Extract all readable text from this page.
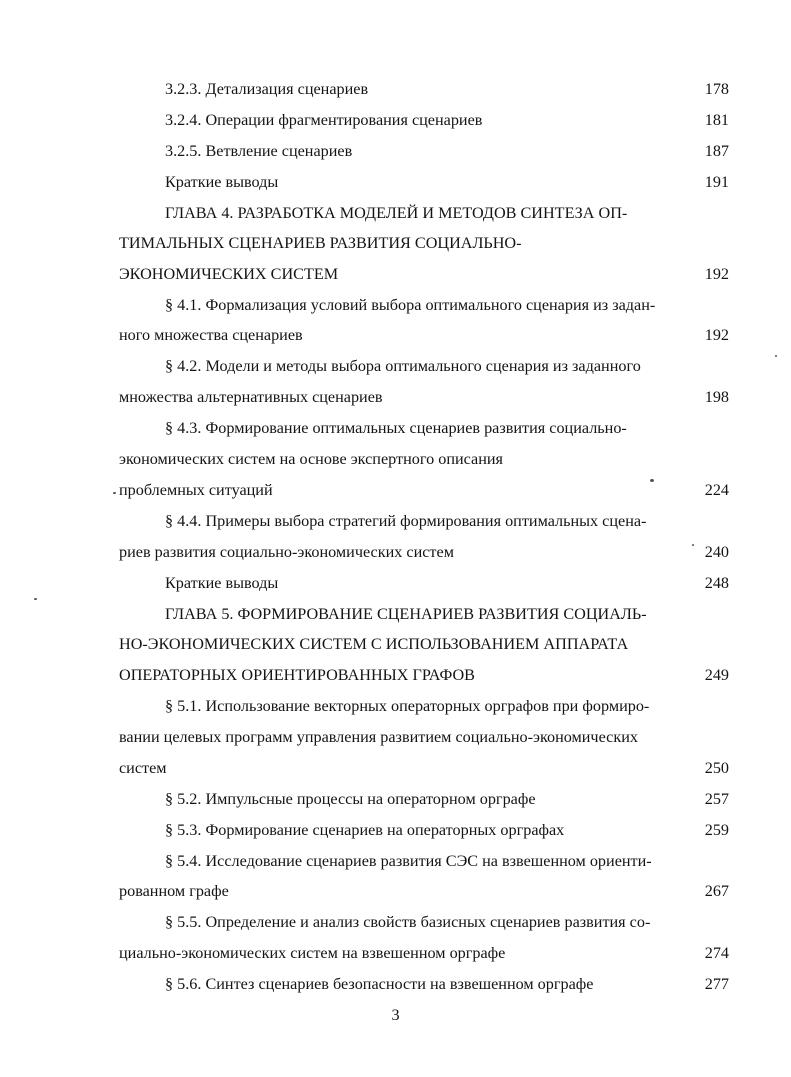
3.2.3. Детализация сценариев	178
3.2.4. Операции фрагментирования сценариев	181
3.2.5. Ветвление сценариев	187
Краткие выводы	191
ГЛАВА 4. РАЗРАБОТКА МОДЕЛЕЙ И МЕТОДОВ СИНТЕЗА ОП-
ТИМАЛЬНЫХ СЦЕНАРИЕВ РАЗВИТИЯ СОЦИАЛЬНО-
ЭКОНОМИЧЕСКИХ СИСТЕМ	192
§ 4.1. Формализация условий выбора оптимального сценария из задан-
ного множества сценариев	192
§ 4.2. Модели и методы выбора оптимального сценария из заданного
множества альтернативных сценариев	198
§ 4.3. Формирование оптимальных сценариев развития социально-
экономических систем на основе экспертного описания
проблемных ситуаций	224
§ 4.4. Примеры выбора стратегий формирования оптимальных сцена-
риев развития социально-экономических систем	240
Краткие выводы	248
ГЛАВА 5. ФОРМИРОВАНИЕ СЦЕНАРИЕВ РАЗВИТИЯ СОЦИАЛЬ-
НО-ЭКОНОМИЧЕСКИХ СИСТЕМ С ИСПОЛЬЗОВАНИЕМ АППАРАТА
ОПЕРАТОРНЫХ ОРИЕНТИРОВАННЫХ ГРАФОВ	249
§ 5.1. Использование векторных операторных орграфов при формиро-
вании целевых программ управления развитием социально-экономических
систем	250
§ 5.2. Импульсные процессы на операторном орграфе	257
§ 5.3. Формирование сценариев на операторных орграфах	259
§ 5.4. Исследование сценариев развития СЭС на взвешенном ориенти-
рованном графе	267
§ 5.5. Определение и анализ свойств базисных сценариев развития со-
циально-экономических систем на взвешенном орграфе	274
§ 5.6. Синтез сценариев безопасности на взвешенном орграфе	277
3
